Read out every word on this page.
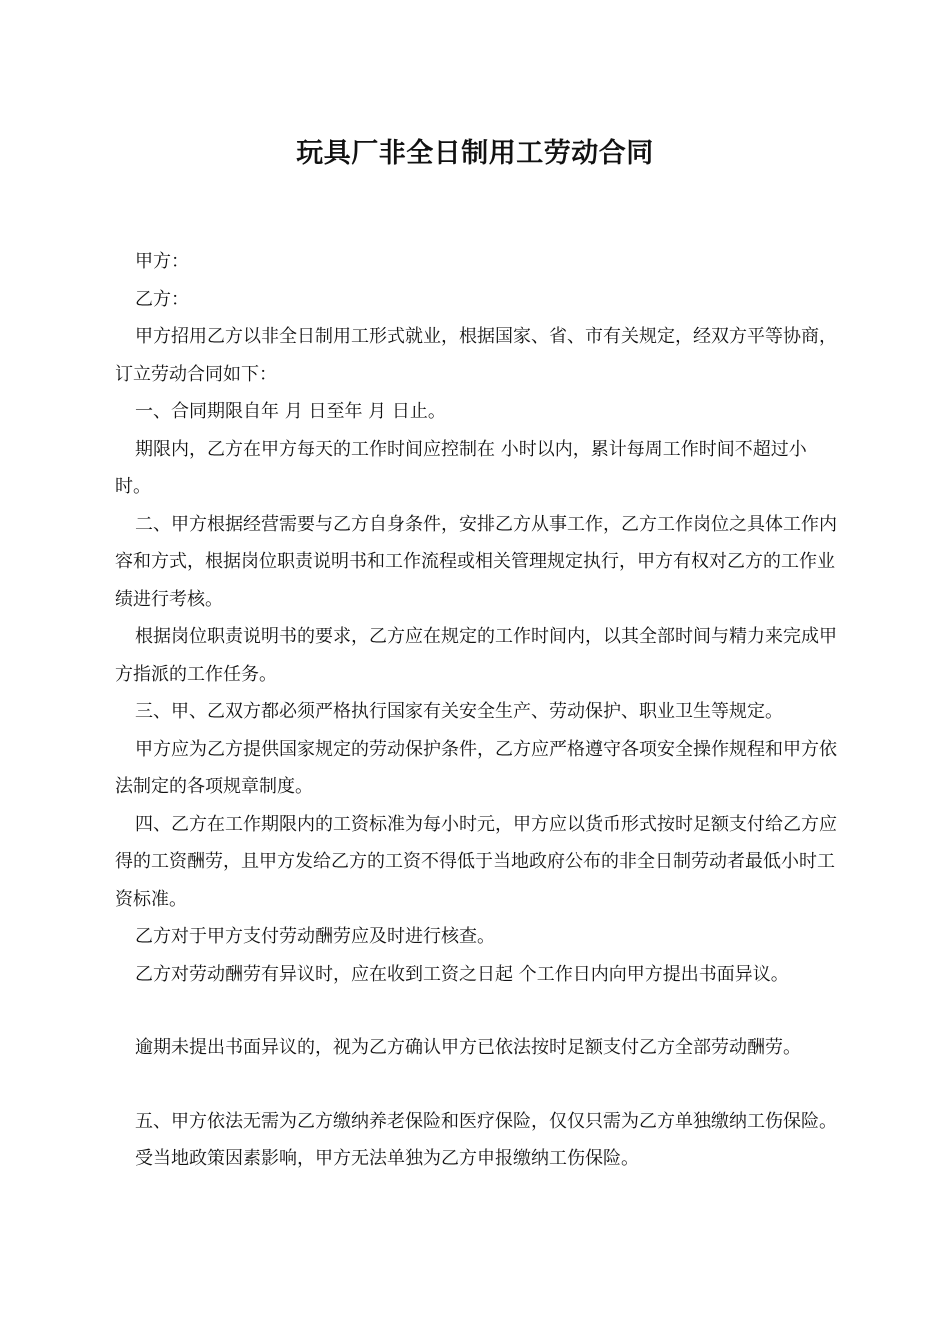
玩具厂非全日制用工劳动合同

甲方：

乙方：

甲方招用乙方以非全日制用工形式就业，根据国家、省、市有关规定，经双方平等协商，订立劳动合同如下：

一、合同期限自年 月 日至年 月 日止。

期限内，乙方在甲方每天的工作时间应控制在 小时以内，累计每周工作时间不超过小时。

二、甲方根据经营需要与乙方自身条件，安排乙方从事工作，乙方工作岗位之具体工作内容和方式，根据岗位职责说明书和工作流程或相关管理规定执行，甲方有权对乙方的工作业绩进行考核。

根据岗位职责说明书的要求，乙方应在规定的工作时间内，以其全部时间与精力来完成甲方指派的工作任务。

三、甲、乙双方都必须严格执行国家有关安全生产、劳动保护、职业卫生等规定。

甲方应为乙方提供国家规定的劳动保护条件，乙方应严格遵守各项安全操作规程和甲方依法制定的各项规章制度。

四、乙方在工作期限内的工资标准为每小时元，甲方应以货币形式按时足额支付给乙方应得的工资酬劳，且甲方发给乙方的工资不得低于当地政府公布的非全日制劳动者最低小时工资标准。

乙方对于甲方支付劳动酬劳应及时进行核查。

乙方对劳动酬劳有异议时，应在收到工资之日起 个工作日内向甲方提出书面异议。

逾期未提出书面异议的，视为乙方确认甲方已依法按时足额支付乙方全部劳动酬劳。

五、甲方依法无需为乙方缴纳养老保险和医疗保险，仅仅只需为乙方单独缴纳工伤保险。

受当地政策因素影响，甲方无法单独为乙方申报缴纳工伤保险。
